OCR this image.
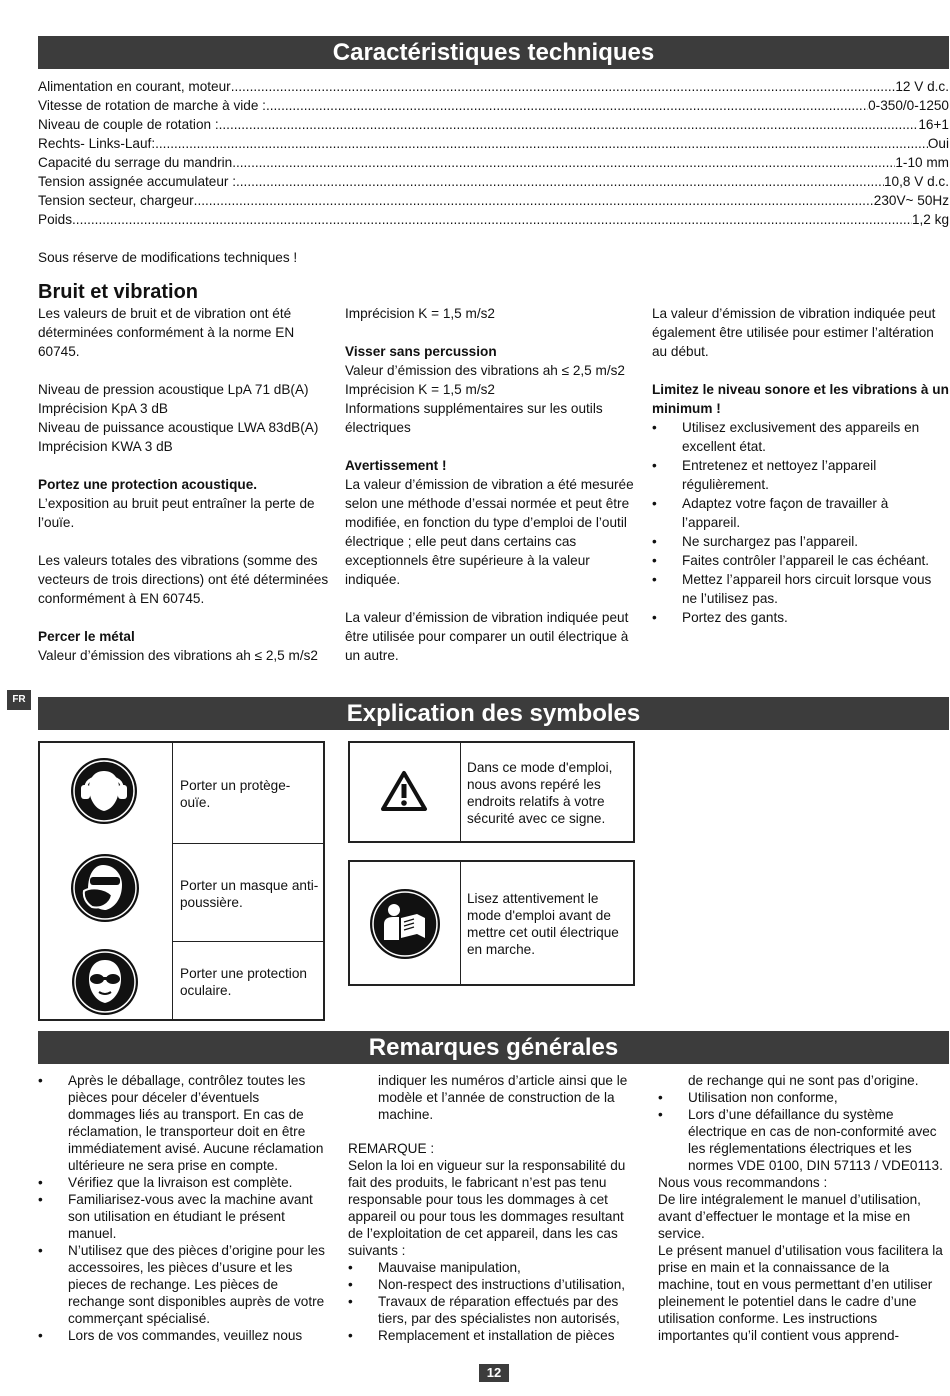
Caractéristiques techniques
Alimentation en courant, moteur .....	12 V d.c.
Vitesse de rotation de marche à vide : .....	0-350/0-1250
Niveau de couple de rotation : .....	16+1
Rechts- Links-Lauf: .....	Oui
Capacité du serrage du mandrin .....	1-10 mm
Tension assignée accumulateur : .....	10,8 V d.c.
Tension secteur, chargeur .....	230V~ 50Hz
Poids .....	1,2 kg
Sous réserve de modifications techniques !
Bruit et vibration

Les valeurs de bruit et de vibration ont été déterminées conformément à la norme EN 60745.

Niveau de pression acoustique LpA 71 dB(A)

Imprécision KpA 3 dB

Niveau de puissance acoustique LWA 83dB(A)

Imprécision KWA 3 dB

Portez une protection acoustique.

L’exposition au bruit peut entraîner la perte de l’ouïe.

Les valeurs totales des vibrations (somme des vecteurs de trois directions) ont été déterminées conformément à EN 60745.

Percer le métal

Valeur d’émission des vibrations ah ≤ 2,5 m/s2

Imprécision K = 1,5 m/s2

Visser sans percussion

Valeur d’émission des vibrations ah ≤ 2,5 m/s2

Imprécision K = 1,5 m/s2

Informations supplémentaires sur les outils électriques

Avertissement !

La valeur d’émission de vibration a été mesurée selon une méthode d’essai normée et peut être modifiée, en fonction du type d’emploi de l’outil électrique ; elle peut dans certains cas exceptionnels être supérieure à la valeur indiquée.

La valeur d’émission de vibration indiquée peut être utilisée pour comparer un outil électrique à un autre.

La valeur d’émission de vibration indiquée peut également être utilisée pour estimer l’altération au début.

Limitez le niveau sonore et les vibrations à un

minimum !

•	Utilisez exclusivement des appareils en excellent état.
•	Entretenez et nettoyez l’appareil régulièrement.
•	Adaptez votre façon de travailler à l’appareil.
•	Ne surchargez pas l’appareil.
•	Faites contrôler l’appareil le cas échéant.
•	Mettez l’appareil hors circuit lorsque vous ne l’utilisez pas.
•	Portez des gants.
FR
Explication des symboles
Porter un protège-ouïe.
Porter un masque anti-poussière.
Porter une protection oculaire.
Dans ce mode d'emploi, nous avons repéré les endroits relatifs à votre sécurité avec ce signe.
Lisez attentivement le mode d'emploi avant de mettre cet outil électrique en marche.
Remarques générales
•	Après le déballage, contrôlez toutes les pièces pour déceler d’éventuels dommages liés au transport. En cas de réclamation, le transporteur doit en être immédiatement avisé. Aucune réclamation ultérieure ne sera prise en compte.
•	Vérifiez que la livraison est complète.
•	Familiarisez-vous avec la machine avant son utilisation en étudiant le présent manuel.
•	N’utilisez que des pièces d’origine pour les accessoires, les pièces d’usure et les pieces de rechange. Les pièces de rechange sont disponibles auprès de votre commerçant spécialisé.
•	Lors de vos commandes, veuillez nous

indiquer les numéros d’article ainsi que le modèle et l’année de construction de la machine.

REMARQUE :

Selon la loi en vigueur sur la responsabilité du fait des produits, le fabricant n’est pas tenu responsable pour tous les dommages à cet appareil ou pour tous les dommages resultant de l’exploitation de cet appareil, dans les cas suivants :

•	Mauvaise manipulation,
•	Non-respect des instructions d’utilisation,
•	Travaux de réparation effectués par des tiers, par des spécialistes non autorisés,
•	Remplacement et installation de pièces

de rechange qui ne sont pas d’origine.

•	Utilisation non conforme,
•	Lors d’une défaillance du système électrique en cas de non-conformité avec les réglementations électriques et les normes VDE 0100, DIN 57113 / VDE0113.

Nous vous recommandons :

De lire intégralement le manuel d’utilisation, avant d’effectuer le montage et la mise en service.

Le présent manuel d’utilisation vous facilitera la prise en main et la connaissance de la machine, tout en vous permettant d’en utiliser pleinement le potentiel dans le cadre d’une utilisation conforme. Les instructions importantes qu’il contient vous apprend-

12
